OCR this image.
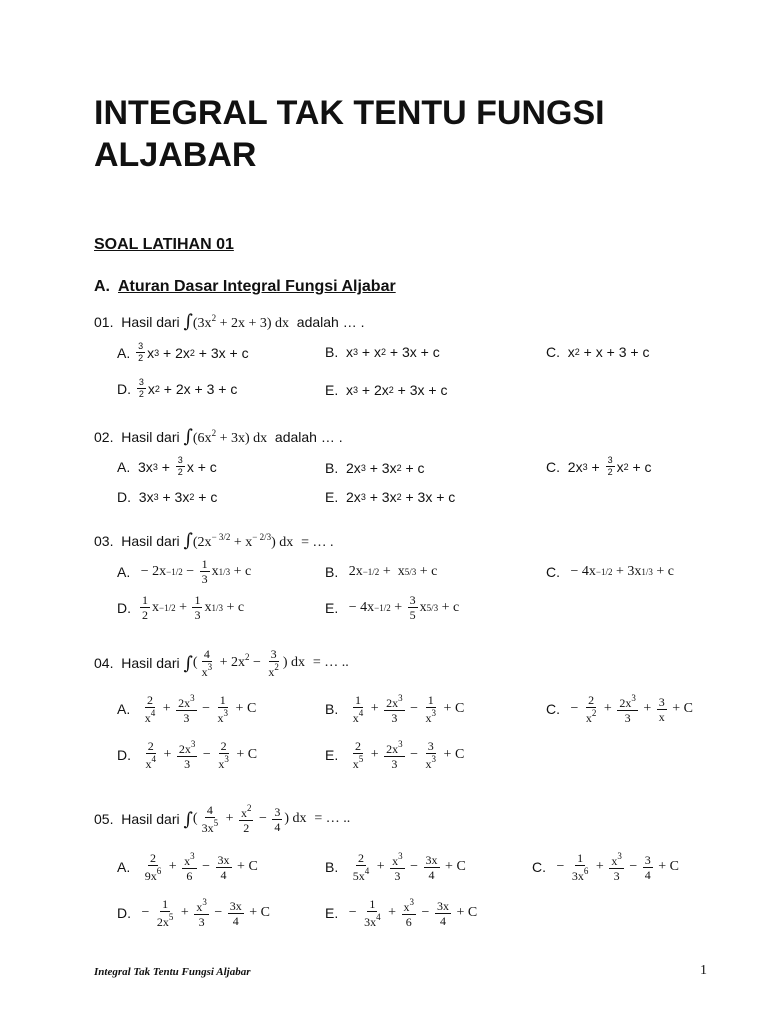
INTEGRAL TAK TENTU FUNGSI
ALJABAR
SOAL LATIHAN 01
A. Aturan Dasar Integral Fungsi Aljabar
01. Hasil dari $\int(3x^2 + 2x + 3)$ dx adalah … .
A.
3
2 x 3 + 2x 2 + 3x + c	B. x 3 + x 2 + 3x + c	C. x 2 + x + 3 + c
D.
3
2 x 2 + 2x + 3 + c	E. x 3 + 2x 2 + 3x + c
02. Hasil dari $\int(6x^2 + 3x)$ dx adalah … .
A. 3x 3 + 3
2 x + c	B. 2x 3 + 3x 2 + c	C. 2x 3 + 3
2 x 2 + c
D. 3x 3 + 3x 2 + c	E. 2x 3 + 3x 2 + 3x + c
03. Hasil dari $\int(2x^{- 3/2} + x^{- 2/3})$ dx = … .
A. − 2x −1/2 − 1
3
x 1/3 + c	B. 2x −1/2 +  x 5/3 + c	C. − 4x −1/2 + 3x 1/3 + c
D.
1
2
x −1/2 + 1
3
x 1/3 + c	E. − 4x −1/2 + 3
5
x 5/3 + c
04.
Hasil dari
∫ ( $\frac{4}{x^3} + 2x^2 - \frac{3}{x^2}$ ) dx
= … ..
A.

2
$x^4 + 2x^3$
3
−
1
$x^3 + C$	B.

1
$x^4 + 2x^3$
3
−
1
$x^3 + C$	C. −
2
$x^2 + 2x^3$
3
+ 3
x
+ C
D.

2
$x^4 + 2x^3$
3
−
2
$x^3 + C$	E.

2
$x^5 + 2x^3$
3
−
3
$x^3 + C$
05.
Hasil dari
∫ ( $\frac{4}{3x^5} + \frac{x^2}{2} - \frac{3}{4}$ ) dx
= … ..
A.

2
$9x^6 + x^3$
6
− 3x
4
+ C	B.

2
$5x^4 + x^3$
3
− 3x
4
+ C	C. −
1
$3x^6 + x^3$
3
− 3
4
+ C
D. −
1
$2x^5 + x^3$
3
− 3x
4
+ C	E. −
1
$3x^4 + x^3$
6
− 3x
4
+ C
Integral Tak Tentu Fungsi Aljabar	1
